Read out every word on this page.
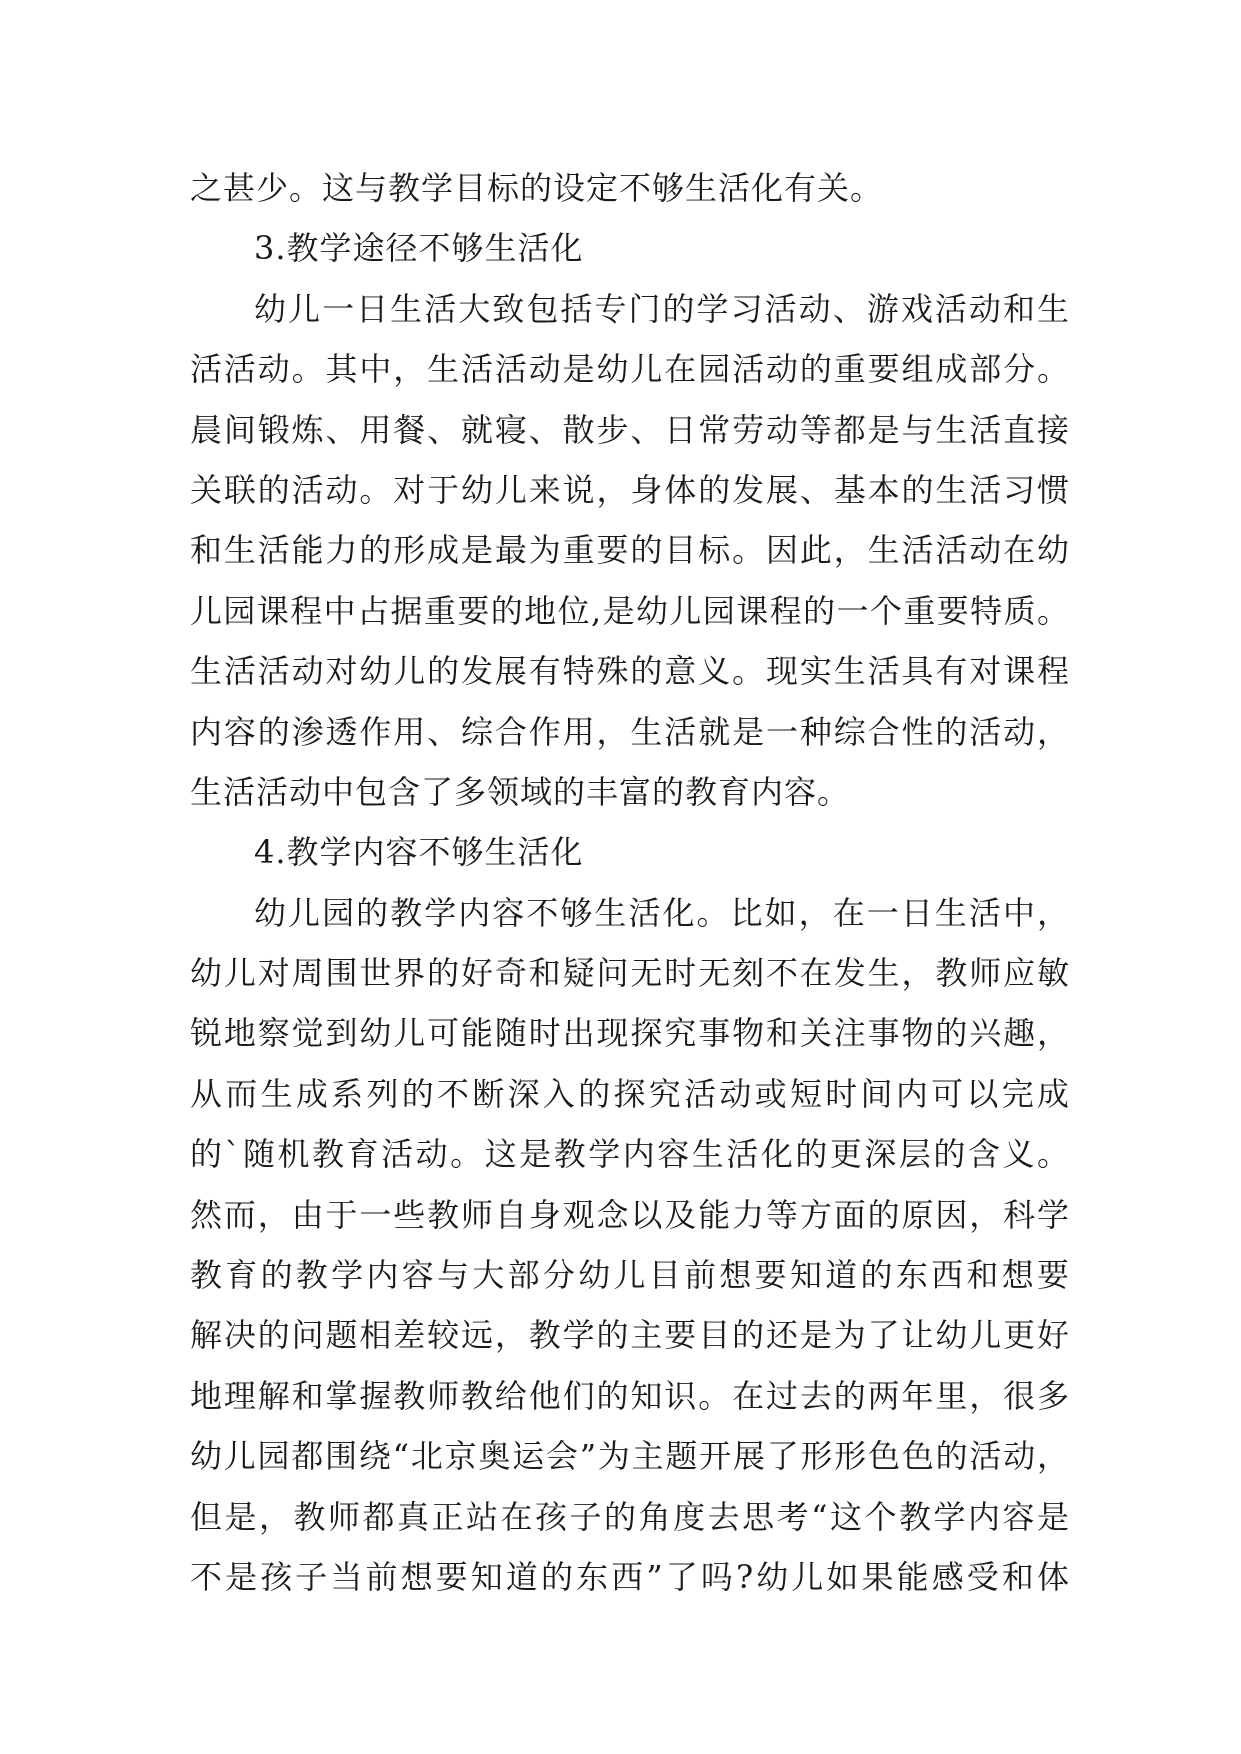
之甚少。这与教学目标的设定不够生活化有关。
3.教学途径不够生活化
幼儿一日生活大致包括专门的学习活动、游戏活动和生
活活动。其中，生活活动是幼儿在园活动的重要组成部分。
晨间锻炼、用餐、就寝、散步、日常劳动等都是与生活直接
关联的活动。对于幼儿来说，身体的发展、基本的生活习惯
和生活能力的形成是最为重要的目标。因此，生活活动在幼
儿园课程中占据重要的地位,是幼儿园课程的一个重要特质。
生活活动对幼儿的发展有特殊的意义。现实生活具有对课程
内容的渗透作用、综合作用，生活就是一种综合性的活动，
生活活动中包含了多领域的丰富的教育内容。
4.教学内容不够生活化
幼儿园的教学内容不够生活化。比如，在一日生活中，
幼儿对周围世界的好奇和疑问无时无刻不在发生，教师应敏
锐地察觉到幼儿可能随时出现探究事物和关注事物的兴趣，
从而生成系列的不断深入的探究活动或短时间内可以完成
的`随机教育活动。这是教学内容生活化的更深层的含义。
然而，由于一些教师自身观念以及能力等方面的原因，科学
教育的教学内容与大部分幼儿目前想要知道的东西和想要
解决的问题相差较远，教学的主要目的还是为了让幼儿更好
地理解和掌握教师教给他们的知识。在过去的两年里，很多
幼儿园都围绕“北京奥运会”为主题开展了形形色色的活动，
但是，教师都真正站在孩子的角度去思考“这个教学内容是
不是孩子当前想要知道的东西”了吗?幼儿如果能感受和体
